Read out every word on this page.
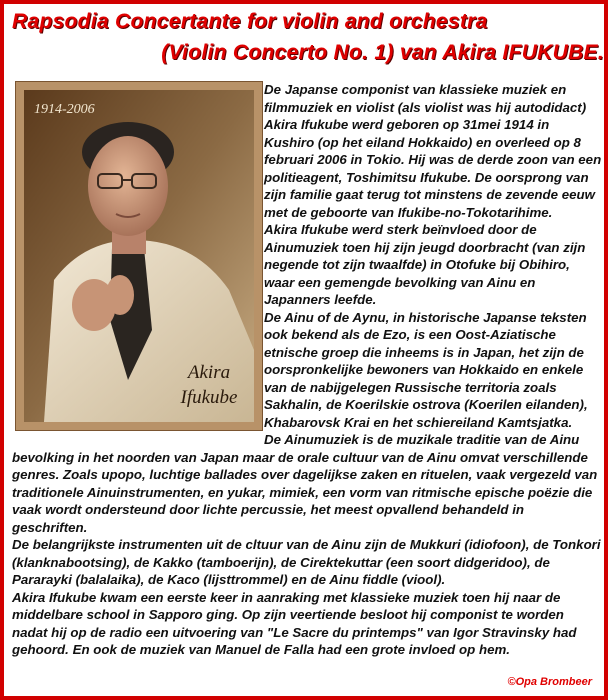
Rapsodia Concertante for violin and orchestra
(Violin Concerto No. 1) van Akira IFUKUBE.

De Japanse componist van klassieke muziek en filmmuziek en violist (als violist was hij autodidact) Akira Ifukube werd geboren op 31mei 1914 in Kushiro (op het eiland Hokkaido) en overleed op 8 februari 2006 in Tokio. Hij was de derde zoon van een politieagent, Toshimitsu Ifukube. De oorsprong van zijn familie gaat terug tot minstens de zevende eeuw met de geboorte van Ifukibe-no-Tokotarihime.

Akira Ifukube werd sterk beïnvloed door de Ainumuziek toen hij zijn jeugd doorbracht (van zijn negende tot zijn twaalfde) in Otofuke bij Obihiro, waar een gemengde bevolking van Ainu en Japanners leefde.

De Ainu of de Aynu, in historische Japanse teksten ook bekend als de Ezo, is een Oost-Aziatische etnische groep die inheems is in Japan, het zijn de oorspronkelijke bewoners van Hokkaido en enkele van de nabijgelegen Russische territoria zoals Sakhalin, de Koerilskie ostrova (Koerilen eilanden), Khabarovsk Krai en het schiereiland Kamtsjatka.

De Ainumuziek is de muzikale traditie van de Ainu bevolking in het noorden van Japan maar de orale cultuur van de Ainu omvat verschillende genres. Zoals upopo, luchtige ballades over dagelijkse zaken en rituelen, vaak vergezeld van traditionele Ainuinstrumenten, en yukar, mimiek, een vorm van ritmische epische poëzie die vaak wordt ondersteund door lichte percussie, het meest opvallend behandeld in geschriften.

De belangrijkste instrumenten uit de cltuur van de Ainu zijn de Mukkuri (idiofoon), de Tonkori (klanknabootsing), de Kakko (tamboerijn), de Cirektekuttar (een soort didgeridoo), de Pararayki (balalaika), de Kaco (lijsttrommel) en de Ainu fiddle (viool).

Akira Ifukube kwam een eerste keer in aanraking met klassieke muziek toen hij naar de middelbare school in Sapporo ging. Op zijn veertiende besloot hij componist te worden nadat hij op de radio een uitvoering van "Le Sacre du printemps" van Igor Stravinsky had gehoord. En ook de muziek van Manuel de Falla had een grote invloed op hem.

1914-2006
Akira
Ifukube
©Opa Brombeer
